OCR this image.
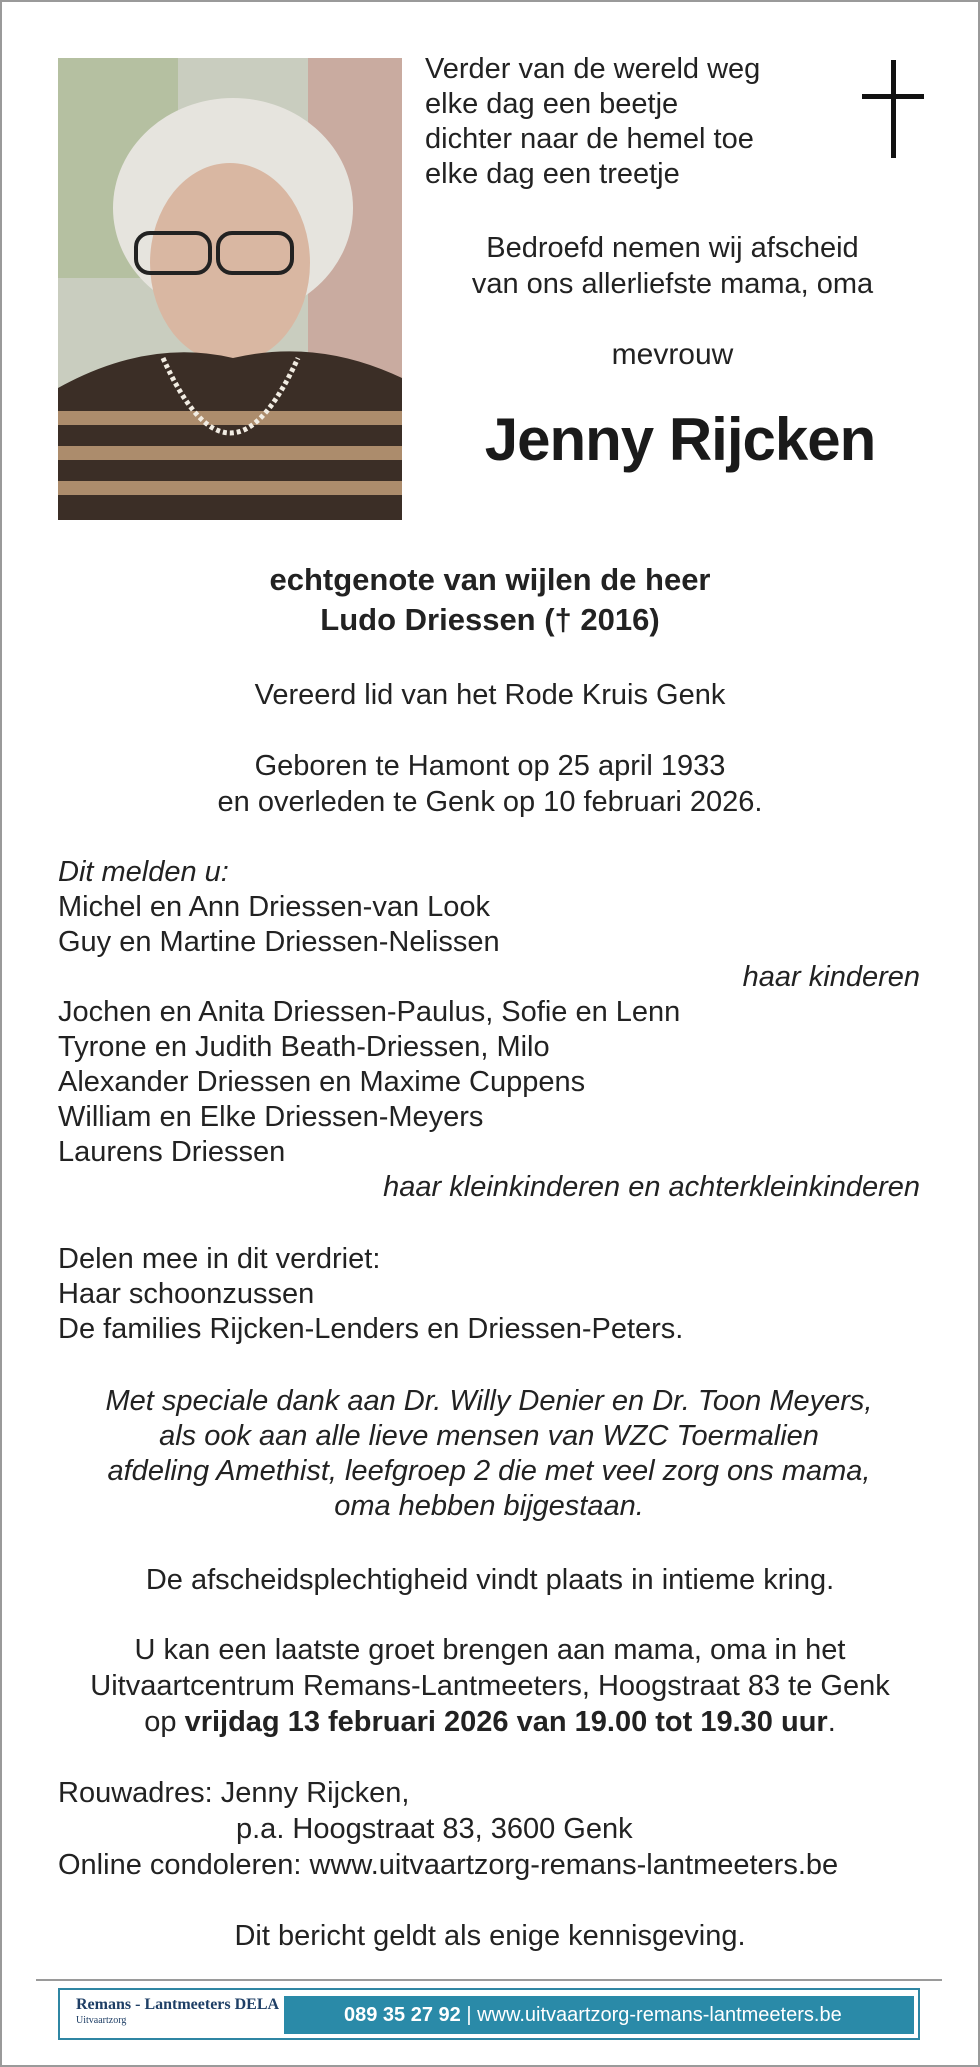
Verder van de wereld weg
elke dag een beetje
dichter naar de hemel toe
elke dag een treetje
Bedroefd nemen wij afscheid
van ons allerliefste mama, oma
mevrouw
Jenny Rijcken
echtgenote van wijlen de heer
Ludo Driessen († 2016)
Vereerd lid van het Rode Kruis Genk
Geboren te Hamont op 25 april 1933
en overleden te Genk op 10 februari 2026.
Dit melden u:
Michel en Ann Driessen-van Look
Guy en Martine Driessen-Nelissen
haar kinderen
Jochen en Anita Driessen-Paulus, Sofie en Lenn
Tyrone en Judith Beath-Driessen, Milo
Alexander Driessen en Maxime Cuppens
William en Elke Driessen-Meyers
Laurens Driessen
haar kleinkinderen en achterkleinkinderen
Delen mee in dit verdriet:
Haar schoonzussen
De families Rijcken-Lenders en Driessen-Peters.
Met speciale dank aan Dr. Willy Denier en Dr. Toon Meyers,
als ook aan alle lieve mensen van WZC Toermalien
afdeling Amethist, leefgroep 2 die met veel zorg ons mama,
oma hebben bijgestaan.
De afscheidsplechtigheid vindt plaats in intieme kring.
U kan een laatste groet brengen aan mama, oma in het
Uitvaartcentrum Remans-Lantmeeters, Hoogstraat 83 te Genk
op vrijdag 13 februari 2026 van 19.00 tot 19.30 uur.
Rouwadres: Jenny Rijcken,
p.a. Hoogstraat 83, 3600 Genk
Online condoleren: www.uitvaartzorg-remans-lantmeeters.be
Dit bericht geldt als enige kennisgeving.
Remans - Lantmeeters DELA
Uitvaartzorg	089 35 27 92 | www.uitvaartzorg-remans-lantmeeters.be
